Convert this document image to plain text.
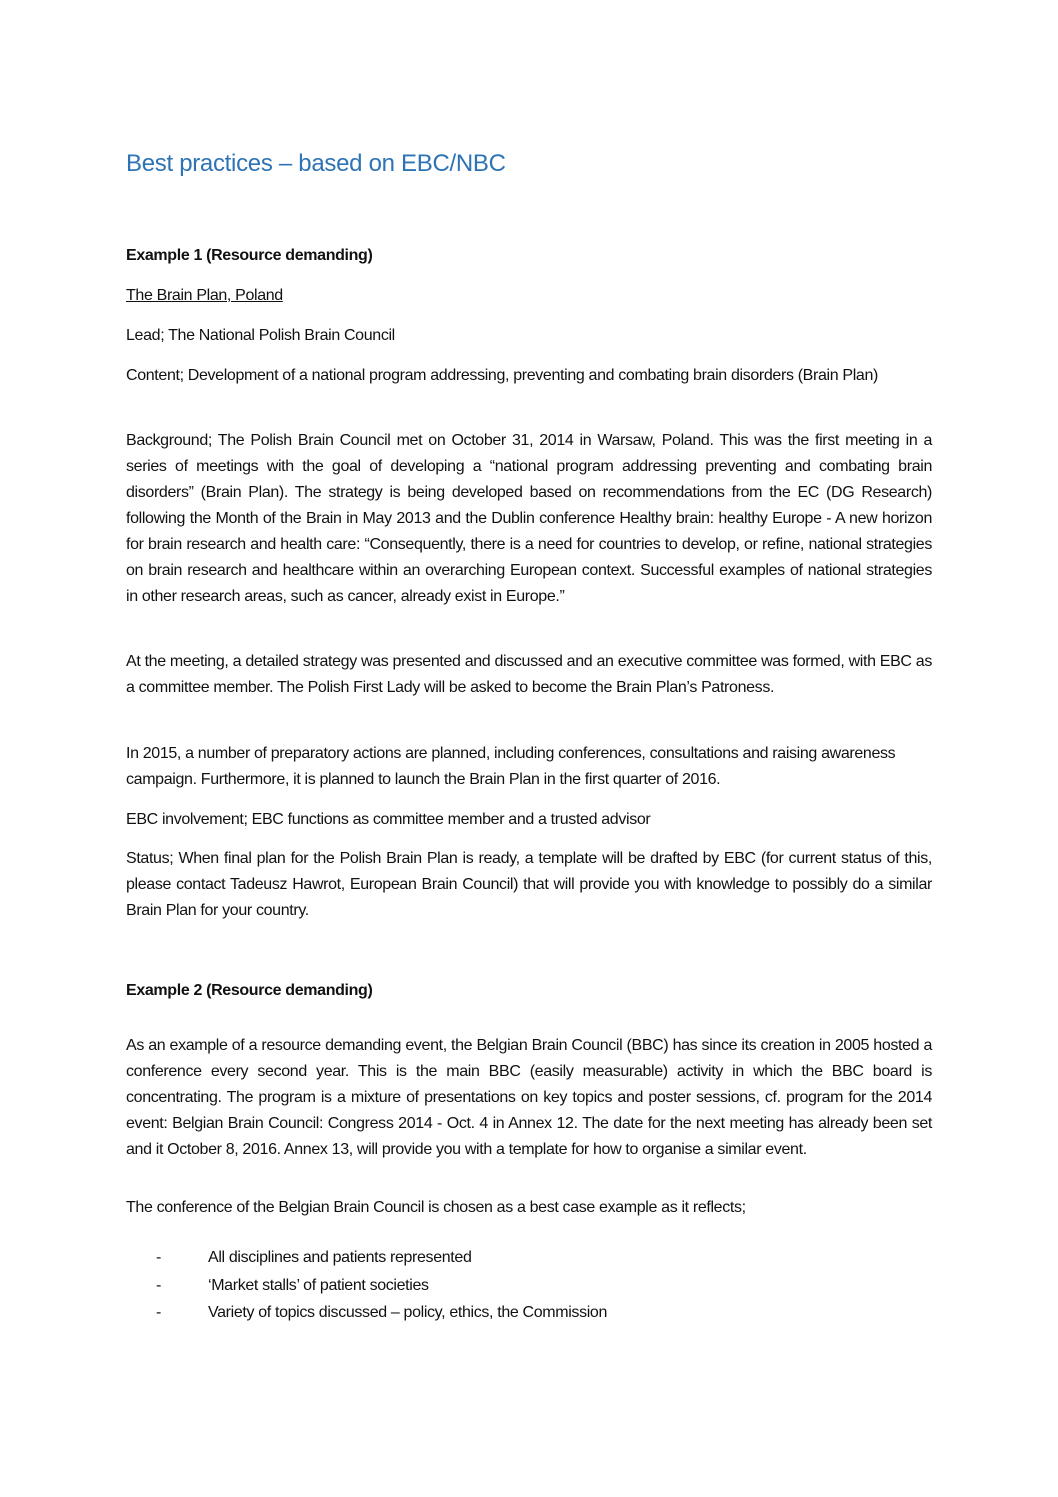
Best practices – based on EBC/NBC
Example 1 (Resource demanding)
The Brain Plan, Poland
Lead; The National Polish Brain Council
Content; Development of a national program addressing, preventing and combating brain disorders (Brain Plan)
Background; The Polish Brain Council met on October 31, 2014 in Warsaw, Poland. This was the first meeting in a series of meetings with the goal of developing a “national program addressing preventing and combating brain disorders” (Brain Plan). The strategy is being developed based on recommendations from the EC (DG Research) following the Month of the Brain in May 2013 and the Dublin conference Healthy brain: healthy Europe - A new horizon for brain research and health care: “Consequently, there is a need for countries to develop, or refine, national strategies on brain research and healthcare within an overarching European context. Successful examples of national strategies in other research areas, such as cancer, already exist in Europe.”
At the meeting, a detailed strategy was presented and discussed and an executive committee was formed, with EBC as a committee member. The Polish First Lady will be asked to become the Brain Plan’s Patroness.
In 2015, a number of preparatory actions are planned, including conferences, consultations and raising awareness campaign. Furthermore, it is planned to launch the Brain Plan in the first quarter of 2016.
EBC involvement; EBC functions as committee member and a trusted advisor
Status; When final plan for the Polish Brain Plan is ready, a template will be drafted by EBC (for current status of this, please contact Tadeusz Hawrot, European Brain Council) that will provide you with knowledge to possibly do a similar Brain Plan for your country.
Example 2 (Resource demanding)
As an example of a resource demanding event, the Belgian Brain Council (BBC) has since its creation in 2005 hosted a conference every second year. This is the main BBC (easily measurable) activity in which the BBC board is concentrating. The program is a mixture of presentations on key topics and poster sessions, cf. program for the 2014 event: Belgian Brain Council: Congress 2014 - Oct. 4 in Annex 12. The date for the next meeting has already been set and it October 8, 2016. Annex 13, will provide you with a template for how to organise a similar event.
The conference of the Belgian Brain Council is chosen as a best case example as it reflects;
-	All disciplines and patients represented
-	‘Market stalls’ of patient societies
-	Variety of topics discussed – policy, ethics, the Commission
